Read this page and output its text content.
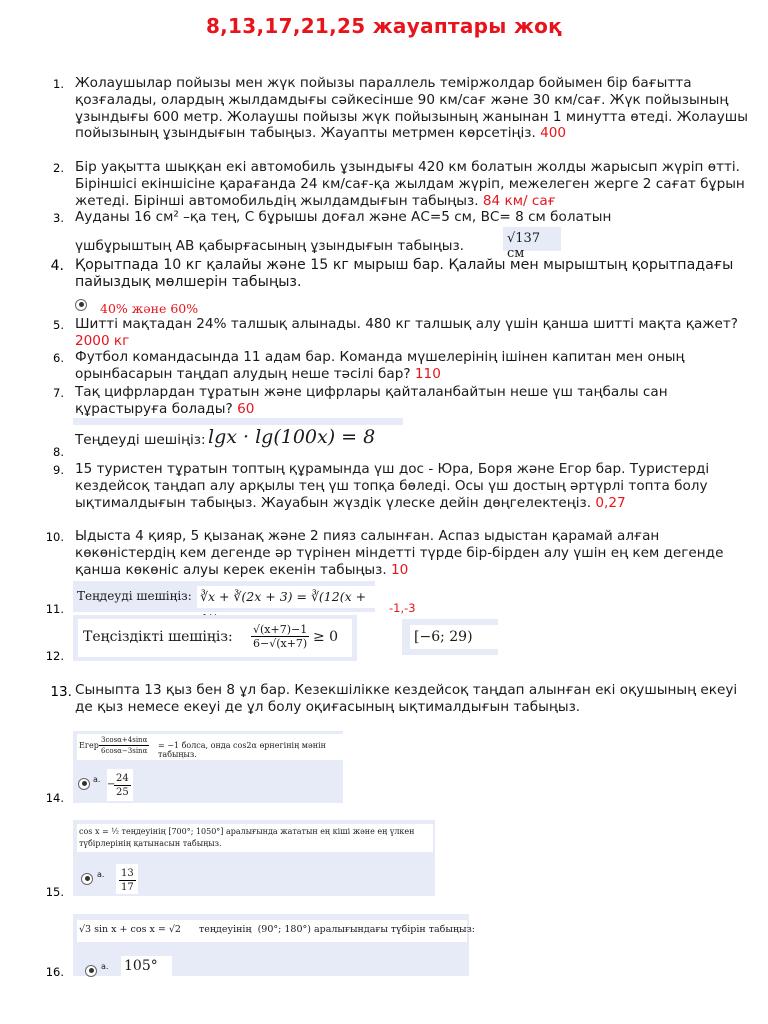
8,13,17,21,25 жауаптары жоқ
1. Жолаушылар пойызы мен жүк пойызы параллель теміржолдар бойымен бір бағытта қозғалады, олардың жылдамдығы сәйкесінше 90 км/сағ және 30 км/сағ. Жүк пойызының ұзындығы 600 метр. Жолаушы пойызы жүк пойызының жанынан 1 минутта өтеді. Жолаушы пойызының ұзындығын табыңыз. Жауапты метрмен көрсетіңіз. 400
2. Бір уақытта шыққан екі автомобиль ұзындығы 420 км болатын жолды жарысып жүріп өтті. Біріншісі екіншісіне қарағанда 24 км/сағ-қа жылдам жүріп, межелеген жерге 2 сағат бұрын жетеді. Бірінші автомобильдің жылдамдығын табыңыз. 84 км/ сағ
3. Ауданы 16 см² –қа тең, С бұрышы доғал және АС=5 см, ВС= 8 см болатын
үшбұрыштың АВ қабырғасының ұзындығын табыңыз.	√137 см
4. Қорытпада 10 кг қалайы және 15 кг мырыш бар. Қалайы мен мырыштың қорытпадағы пайыздық мөлшерін табыңыз.
40% және 60%
5. Шитті мақтадан 24% талшық алынады. 480 кг талшық алу үшін қанша шитті мақта қажет? 2000 кг
6. Футбол командасында 11 адам бар. Команда мүшелерінің ішінен капитан мен оның орынбасарын таңдап алудың неше тәсілі бар? 110
7. Тақ цифрлардан тұратын және цифрлары қайталанбайтын неше үш таңбалы сан құрастыруға болады? 60
8.
Теңдеуді шешіңіз: lgx · lg(100x) = 8
9. 15 туристен тұратын топтың құрамында үш дос - Юра, Боря және Егор бар. Туристерді кездейсоқ таңдап алу арқылы тең үш топқа бөледі. Осы үш достың әртүрлі топта болу ықтималдығын табыңыз. Жауабын жүздік үлеске дейін дөңгелектеңіз. 0,27
10. Ыдыста 4 қияр, 5 қызанақ және 2 пияз салынған. Аспаз ыдыстан қарамай алған көкөністердің кем дегенде әр түрінен міндетті түрде бір-бірден алу үшін ең кем дегенде қанша көкөніс алуы керек екенін табыңыз. 10
Теңдеуді шешіңіз: ∛x + ∛(2x + 3) = ∛(12(x +
11.	-1,-3
Теңсіздікті шешіңіз: $\frac{√(x+7)-1}{6-√(x+7)} \ge 0$
12.
[−6; 29)
13. Сыныпта 13 қыз бен 8 ұл бар. Кезекшілікке кездейсоқ таңдап алынған екі оқушының екеуі де қыз немесе екеуі де ұл болу оқиғасының ықтималдығын табыңыз.
Егер $\frac{3\cos\alpha+4\sin\alpha}{6\cos\alpha-3\sin\alpha} = -1$ болса, онда cos2α өрнегінің мәнін табыңыз.
a. −
$\frac{24}{25}$
14.
cos x = ½ теңдеуінің [700°; 1050°] аралығында жататын ең кіші және ең үлкен түбірлерінің қатынасын табыңыз.
a. $\frac{13}{17}$
15.
√3 sin x + cos x = √2      теңдеуінің  (90°; 180°) аралығындағы түбірін табыңыз:
a. 105°
16.
